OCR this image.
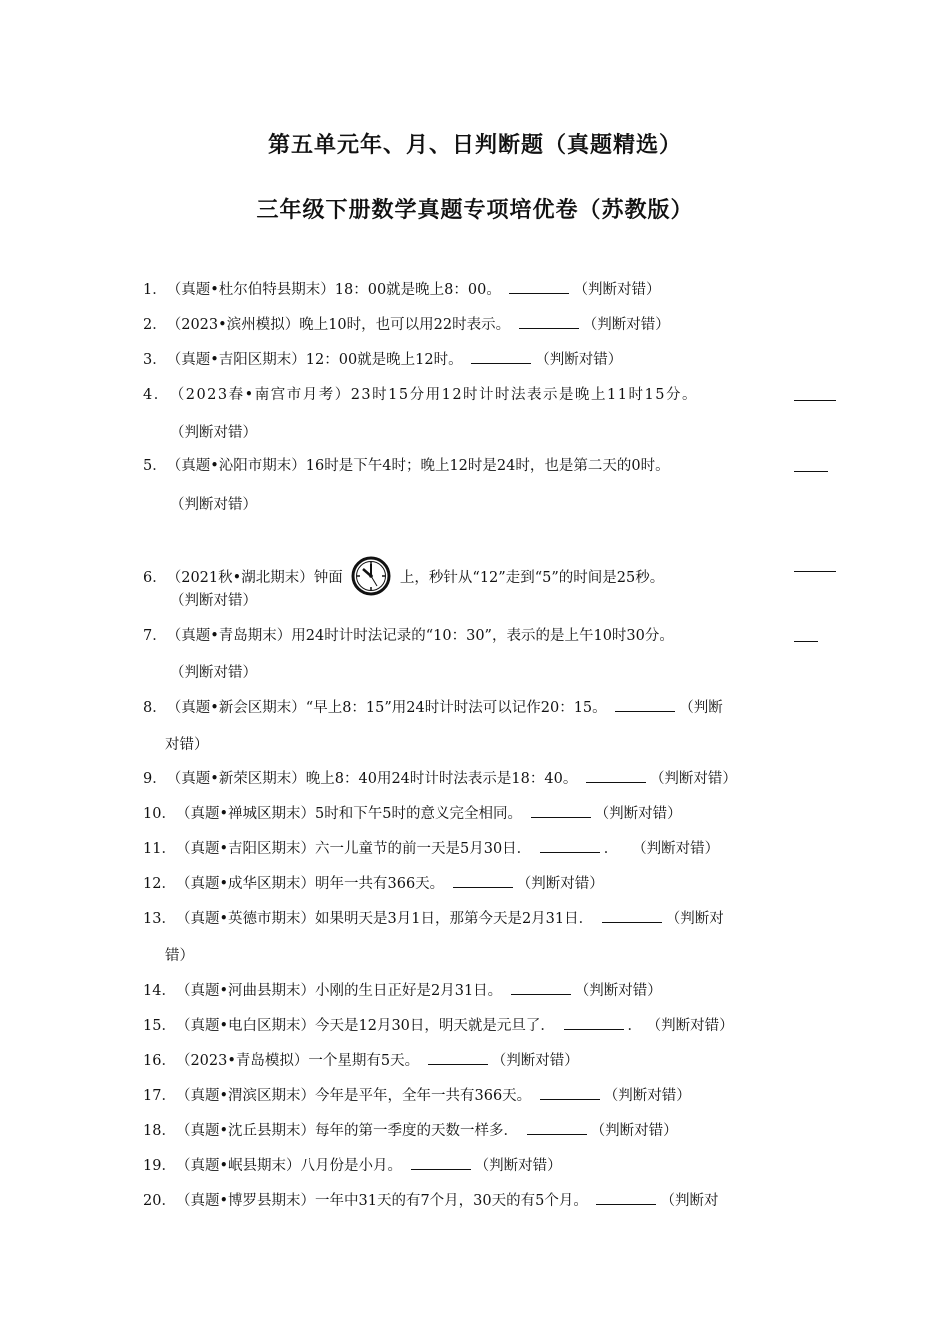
第五单元年、月、日判断题（真题精选）
三年级下册数学真题专项培优卷（苏教版）
1．（真题•杜尔伯特县期末）18：00就是晚上8：00。	（判断对错）
2．（2023•滨州模拟）晚上10时，也可以用22时表示。	（判断对错）
3．（真题•吉阳区期末）12：00就是晚上12时。	（判断对错）
4．（2023春•南宫市月考）23时15分用12时计时法表示是晚上11时15分。
（判断对错）
5．（真题•沁阳市期末）16时是下午4时；晚上12时是24时，也是第二天的0时。
（判断对错）
6．（2021秋•湖北期末）钟面	上，秒针从“12”走到“5”的时间是25秒。
（判断对错）
7．（真题•青岛期末）用24时计时法记录的“10：30”，表示的是上午10时30分。
（判断对错）
8．（真题•新会区期末）“早上8：15”用24时计时法可以记作20：15。	（判断
对错）
9．（真题•新荣区期末）晚上8：40用24时计时法表示是18：40。	（判断对错）
10．（真题•禅城区期末）5时和下午5时的意义完全相同。	（判断对错）
11．（真题•吉阳区期末）六一儿童节的前一天是5月30日．	． （判断对错）
12．（真题•成华区期末）明年一共有366天。	（判断对错）
13．（真题•英德市期末）如果明天是3月1日，那第今天是2月31日．	（判断对
错）
14．（真题•河曲县期末）小刚的生日正好是2月31日。	（判断对错）
15．（真题•电白区期末）今天是12月30日，明天就是元旦了．	． （判断对错）
16．（2023•青岛模拟）一个星期有5天。	（判断对错）
17．（真题•渭滨区期末）今年是平年，全年一共有366天。	（判断对错）
18．（真题•沈丘县期末）每年的第一季度的天数一样多．	（判断对错）
19．（真题•岷县期末）八月份是小月。	（判断对错）
20．（真题•博罗县期末）一年中31天的有7个月，30天的有5个月。	（判断对
